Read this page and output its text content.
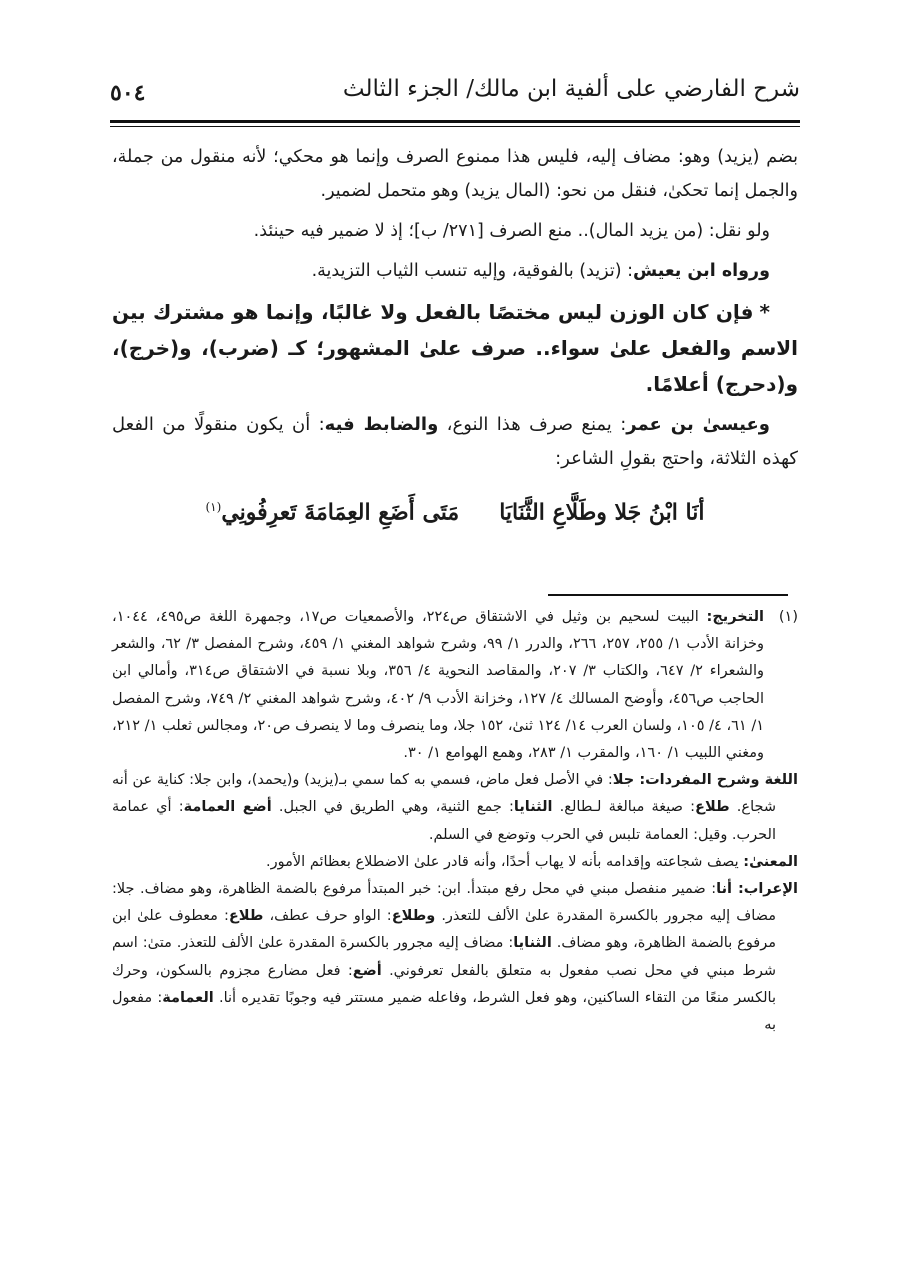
٥٠٤	شرح الفارضي على ألفية ابن مالك/ الجزء الثالث

بضم (يزيد) وهو: مضاف إليه، فليس هذا ممنوع الصرف وإنما هو محكي؛ لأنه منقول من جملة، والجمل إنما تحكىٰ، فنقل من نحو: (المال يزيد) وهو متحمل لضمير.

ولو نقل: (من يزيد المال).. منع الصرف [٢٧١/ ب]؛ إذ لا ضمير فيه حينئذ.

ورواه ابن يعيش: (تزيد) بالفوقية، وإليه تنسب الثياب التزيدية.

*فإن كان الوزن ليس مختصًا بالفعل ولا غالبًا، وإنما هو مشترك بين الاسم والفعل علىٰ سواء.. صرف علىٰ المشهور؛ كـ (ضرب)، و(خرج)، و(دحرج) أعلامًا.

وعيسىٰ بن عمر: يمنع صرف هذا النوع، والضابط فيه: أن يكون منقولًا من الفعل كهذه الثلاثة، واحتج بقولِ الشاعر:

أنَا ابْنُ جَلا وطَلَّاعِ الثَّنَايَامَتَى أَضَعِ العِمَامَةَ تَعرِفُونِي$^{(١)}$

(١)
التخريج: البيت لسحيم بن وثيل في الاشتقاق ص٢٢٤، والأصمعيات ص١٧، وجمهرة اللغة ص٤٩٥، ١٠٤٤، وخزانة الأدب ١/ ٢٥٥، ٢٥٧، ٢٦٦، والدرر ١/ ٩٩، وشرح شواهد المغني ١/ ٤٥٩، وشرح المفصل ٣/ ٦٢، والشعر والشعراء ٢/ ٦٤٧، والكتاب ٣/ ٢٠٧، والمقاصد النحوية ٤/ ٣٥٦، وبلا نسبة في الاشتقاق ص٣١٤، وأمالي ابن الحاجب ص٤٥٦، وأوضح المسالك ٤/ ١٢٧، وخزانة الأدب ٩/ ٤٠٢، وشرح شواهد المغني ٢/ ٧٤٩، وشرح المفصل ١/ ٦١، ٤/ ١٠٥، ولسان العرب ١٤/ ١٢٤ ثنىٰ، ١٥٢ جلا، وما ينصرف وما لا ينصرف ص٢٠، ومجالس ثعلب ١/ ٢١٢، ومغني اللبيب ١/ ١٦٠، والمقرب ١/ ٢٨٣، وهمع الهوامع ١/ ٣٠.

اللغة وشرح المفردات: جلا: في الأصل فعل ماض، فسمي به كما سمي بـ(يزيد) و(يحمد)، وابن جلا: كناية عن أنه شجاع. طلاع: صيغة مبالغة لـطالع. الثنايا: جمع الثنية، وهي الطريق في الجبل. أضع العمامة: أي عمامة الحرب. وقيل: العمامة تلبس في الحرب وتوضع في السلم.

المعنىٰ: يصف شجاعته وإقدامه بأنه لا يهاب أحدًا، وأنه قادر علىٰ الاضطلاع بعظائم الأمور.

الإعراب: أنا: ضمير منفصل مبني في محل رفع مبتدأ. ابن: خبر المبتدأ مرفوع بالضمة الظاهرة، وهو مضاف. جلا: مضاف إليه مجرور بالكسرة المقدرة علىٰ الألف للتعذر. وطلاع: الواو حرف عطف، طلاع: معطوف علىٰ ابن مرفوع بالضمة الظاهرة، وهو مضاف. الثنايا: مضاف إليه مجرور بالكسرة المقدرة علىٰ الألف للتعذر. متىٰ: اسم شرط مبني في محل نصب مفعول به متعلق بالفعل تعرفوني. أضع: فعل مضارع مجزوم بالسكون، وحرك بالكسر منعًا من التقاء الساكنين، وهو فعل الشرط، وفاعله ضمير مستتر فيه وجوبًا تقديره أنا. العمامة: مفعول به
